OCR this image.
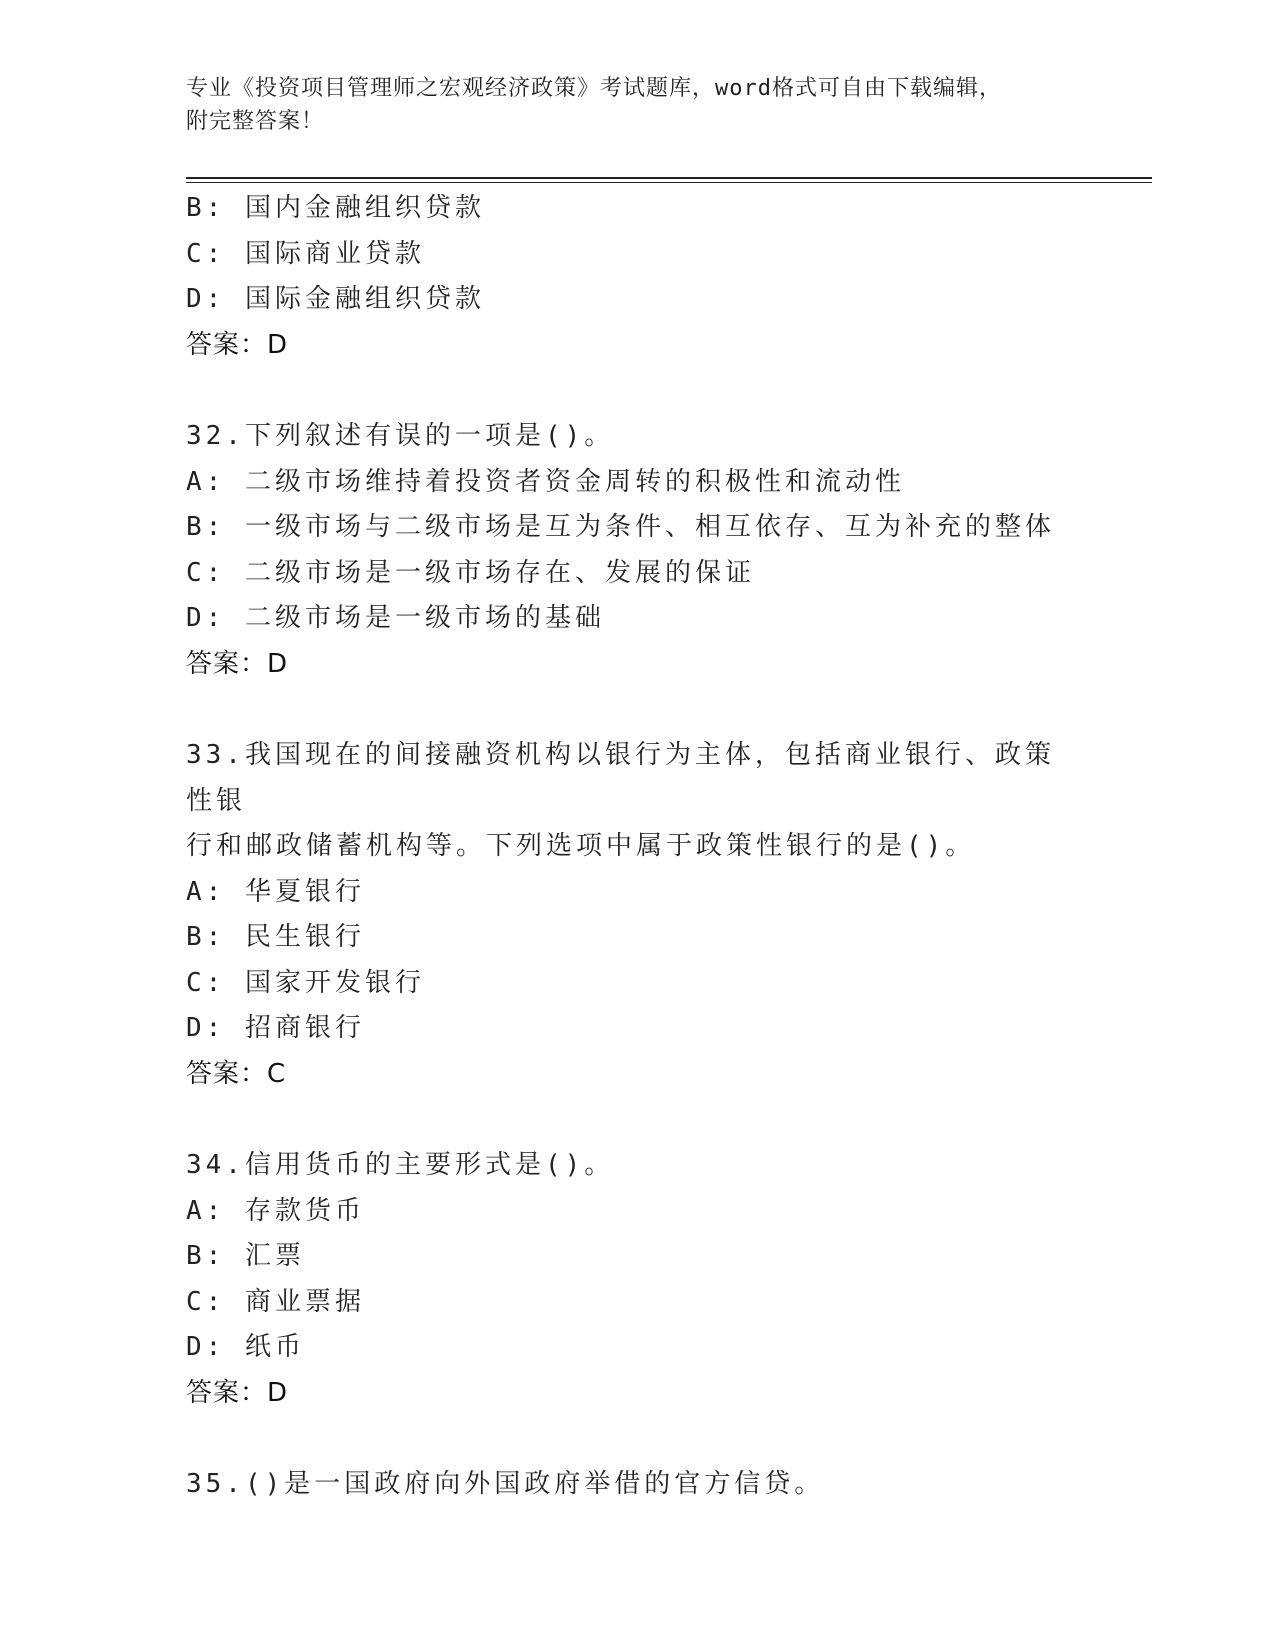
专业《投资项目管理师之宏观经济政策》考试题库，word格式可自由下载编辑，
附完整答案！
B: 国内金融组织贷款
C: 国际商业贷款
D: 国际金融组织贷款
答案：D
32.下列叙述有误的一项是()。
A: 二级市场维持着投资者资金周转的积极性和流动性
B: 一级市场与二级市场是互为条件、相互依存、互为补充的整体
C: 二级市场是一级市场存在、发展的保证
D: 二级市场是一级市场的基础
答案：D
33.我国现在的间接融资机构以银行为主体，包括商业银行、政策性银
行和邮政储蓄机构等。下列选项中属于政策性银行的是()。
A: 华夏银行
B: 民生银行
C: 国家开发银行
D: 招商银行
答案：C
34.信用货币的主要形式是()。
A: 存款货币
B: 汇票
C: 商业票据
D: 纸币
答案：D
35.()是一国政府向外国政府举借的官方信贷。
